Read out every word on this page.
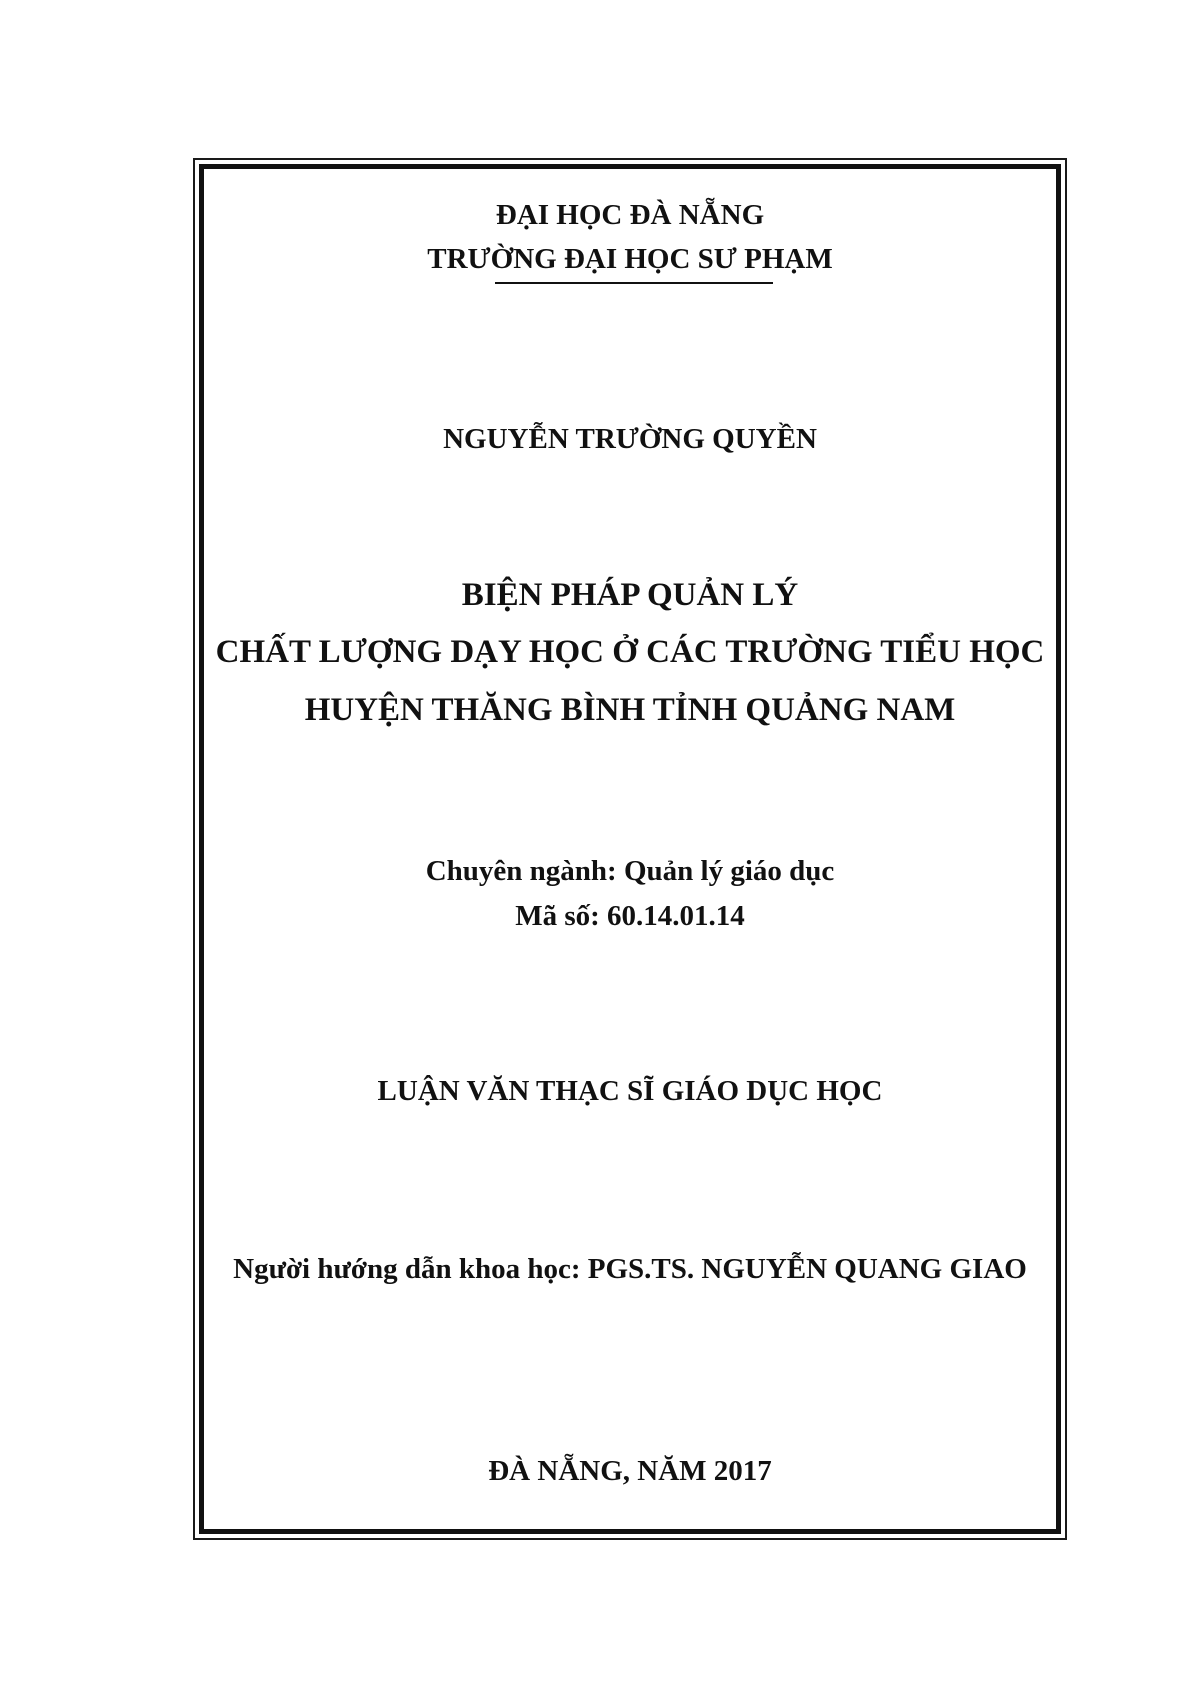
ĐẠI HỌC ĐÀ NẴNG
TRƯỜNG ĐẠI HỌC SƯ PHẠM
NGUYỄN TRƯỜNG QUYỀN
BIỆN PHÁP QUẢN LÝ
CHẤT LƯỢNG DẠY HỌC Ở CÁC TRƯỜNG TIỂU HỌC
HUYỆN THĂNG BÌNH TỈNH QUẢNG NAM
Chuyên ngành: Quản lý giáo dục
Mã số: 60.14.01.14
LUẬN VĂN THẠC SĨ GIÁO DỤC HỌC
Người hướng dẫn khoa học: PGS.TS. NGUYỄN QUANG GIAO
ĐÀ NẴNG, NĂM 2017
